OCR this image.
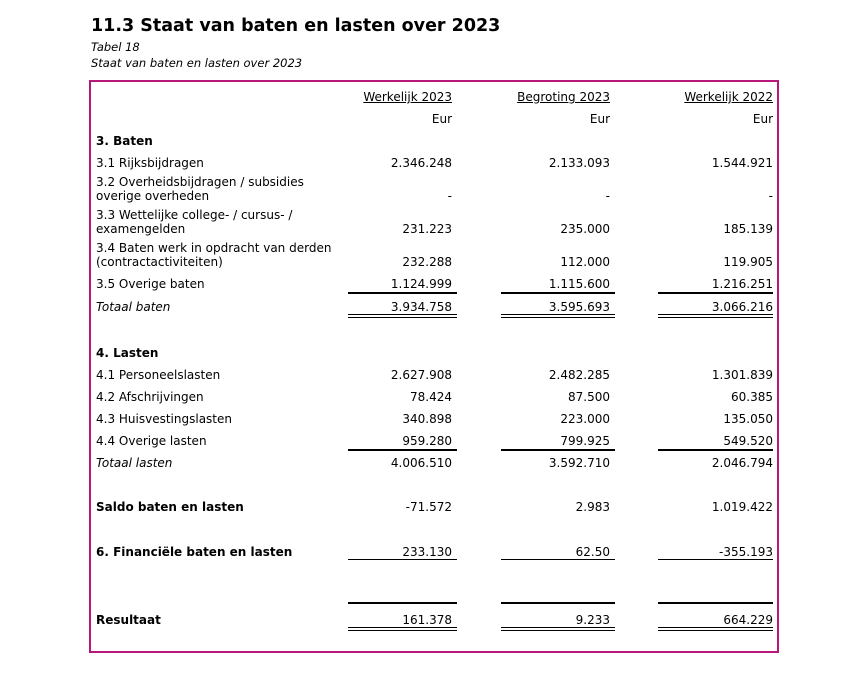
11.3 Staat van baten en lasten over 2023
Tabel 18
Staat van baten en lasten over 2023
Werkelijk 2023	Begroting 2023	Werkelijk 2022
Eur	Eur	Eur
3. Baten
3.1 Rijksbijdragen	2.346.248	2.133.093	1.544.921
3.2 Overheidsbijdragen / subsidies
overige overheden	-	-	-
3.3 Wettelijke college- / cursus- /
examengelden	231.223	235.000	185.139
3.4 Baten werk in opdracht van derden
(contractactiviteiten)	232.288	112.000	119.905
3.5 Overige baten	1.124.999	1.115.600	1.216.251
Totaal baten	3.934.758	3.595.693	3.066.216
4. Lasten
4.1 Personeelslasten	2.627.908	2.482.285	1.301.839
4.2 Afschrijvingen	78.424	87.500	60.385
4.3 Huisvestingslasten	340.898	223.000	135.050
4.4 Overige lasten	959.280	799.925	549.520
Totaal lasten	4.006.510	3.592.710	2.046.794
Saldo baten en lasten	-71.572	2.983	1.019.422
6. Financiële baten en lasten	233.130	62.50	-355.193
Resultaat	161.378	9.233	664.229
